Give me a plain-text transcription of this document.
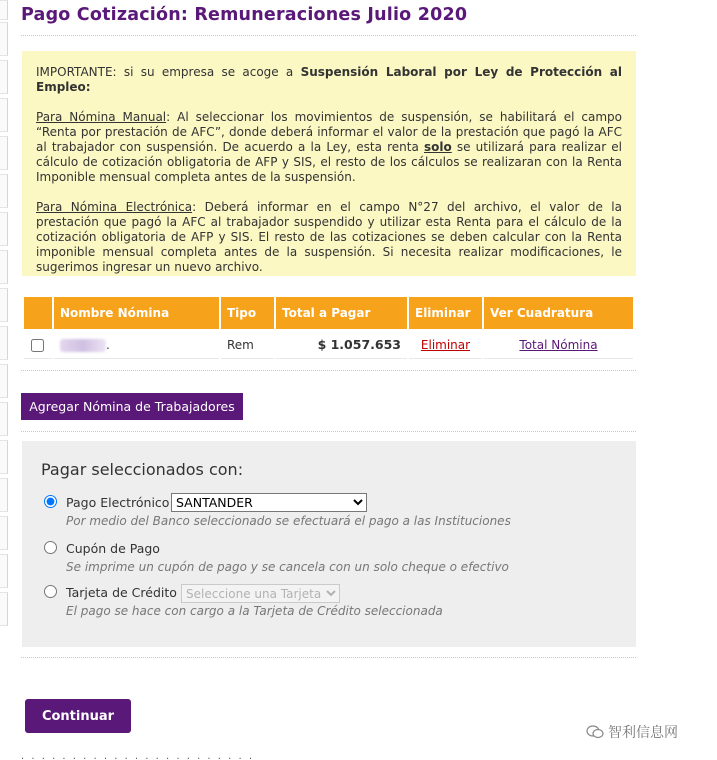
Pago Cotización: Remuneraciones Julio 2020

IMPORTANTE: si su empresa se acoge a Suspensión Laboral por Ley de Protección al Empleo:

Para Nómina Manual: Al seleccionar los movimientos de suspensión, se habilitará el campo “Renta por prestación de AFC”, donde deberá informar el valor de la prestación que pagó la AFC al trabajador con suspensión. De acuerdo a la Ley, esta renta solo se utilizará para realizar el cálculo de cotización obligatoria de AFP y SIS, el resto de los cálculos se realizaran con la Renta Imponible mensual completa antes de la suspensión.

Para Nómina Electrónica: Deberá informar en el campo N°27 del archivo, el valor de la prestación que pagó la AFC al trabajador suspendido y utilizar esta Renta para el cálculo de la cotización obligatoria de AFP y SIS. El resto de las cotizaciones se deben calcular con la Renta imponible mensual completa antes de la suspensión. Si necesita realizar modificaciones, le sugerimos ingresar un nuevo archivo.

	Nombre Nómina	Tipo	Total a Pagar	Eliminar	Ver Cuadratura
	.	Rem	$ 1.057.653	Eliminar	Total Nómina
Agregar Nómina de Trabajadores
Pagar seleccionados con:
Pago Electrónico
Por medio del Banco seleccionado se efectuará el pago a las Instituciones
SANTANDER
Cupón de Pago
Se imprime un cupón de pago y se cancela con un solo cheque o efectivo
Tarjeta de Crédito
El pago se hace con cargo a la Tarjeta de Crédito seleccionada
Seleccione una Tarjeta
Continuar
智利信息网
· · · · · · · · · · · · · · · · · · · · · · ·
